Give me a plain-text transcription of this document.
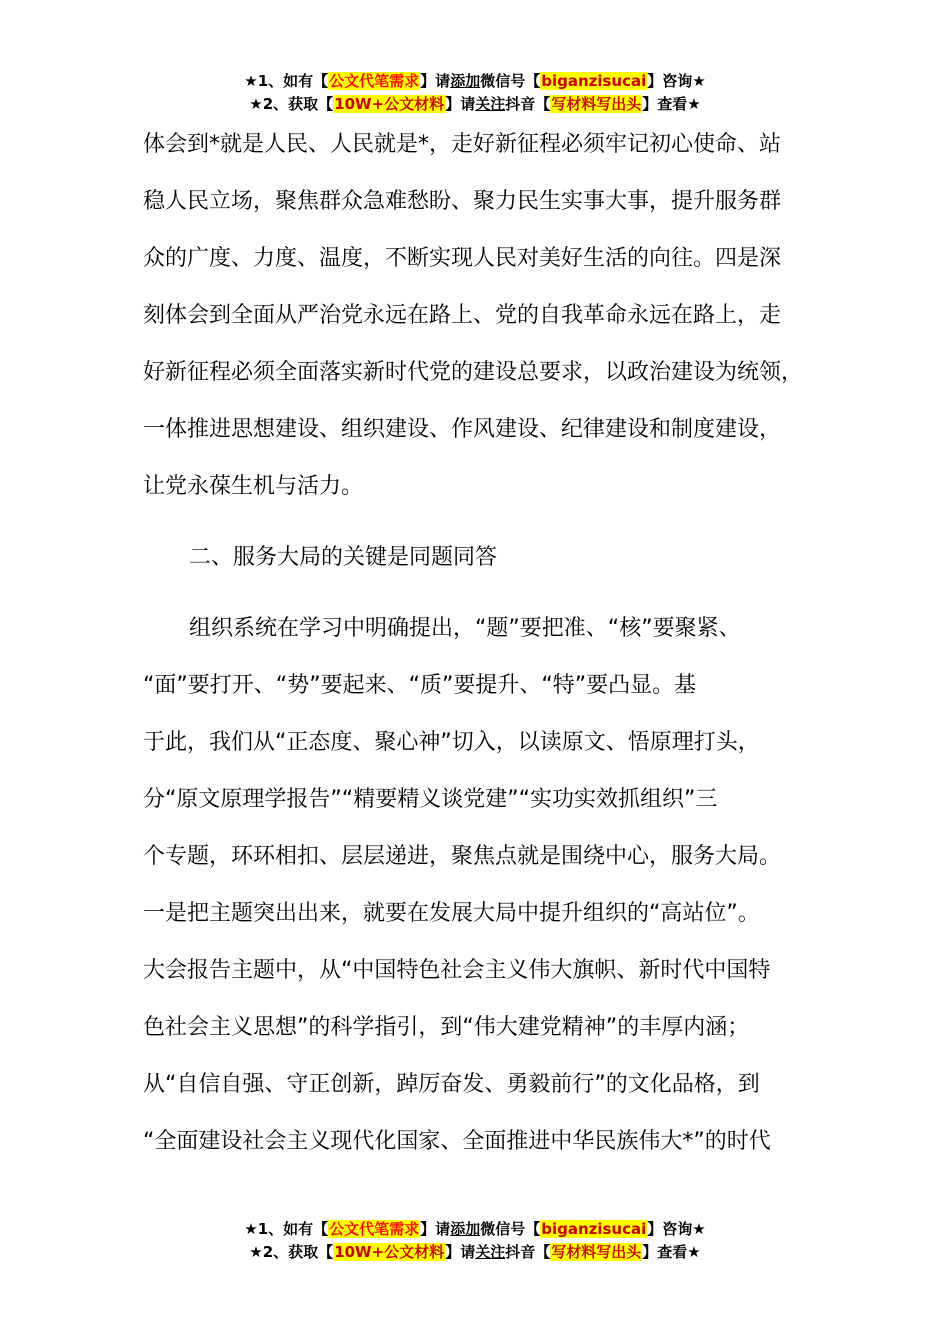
★1、如有【公文代笔需求】请添加微信号【biganzisucai】咨询★
★2、获取【10W+公文材料】请关注抖音【写材料写出头】查看★

体会到*就是人民、人民就是*，走好新征程必须牢记初心使命、站

稳人民立场，聚焦群众急难愁盼、聚力民生实事大事，提升服务群

众的广度、力度、温度，不断实现人民对美好生活的向往。四是深

刻体会到全面从严治党永远在路上、党的自我革命永远在路上，走

好新征程必须全面落实新时代党的建设总要求，以政治建设为统领，

一体推进思想建设、组织建设、作风建设、纪律建设和制度建设，

让党永葆生机与活力。

二、服务大局的关键是同题同答

组织系统在学习中明确提出，“题”要把准、“核”要聚紧、

“面”要打开、“势”要起来、“质”要提升、“特”要凸显。基

于此，我们从“正态度、聚心神”切入，以读原文、悟原理打头，

分“原文原理学报告”“精要精义谈党建”“实功实效抓组织”三

个专题，环环相扣、层层递进，聚焦点就是围绕中心，服务大局。

一是把主题突出出来，就要在发展大局中提升组织的“高站位”。

大会报告主题中，从“中国特色社会主义伟大旗帜、新时代中国特

色社会主义思想”的科学指引，到“伟大建党精神”的丰厚内涵；

从“自信自强、守正创新，踔厉奋发、勇毅前行”的文化品格，到

“全面建设社会主义现代化国家、全面推进中华民族伟大*”的时代

★1、如有【公文代笔需求】请添加微信号【biganzisucai】咨询★
★2、获取【10W+公文材料】请关注抖音【写材料写出头】查看★
